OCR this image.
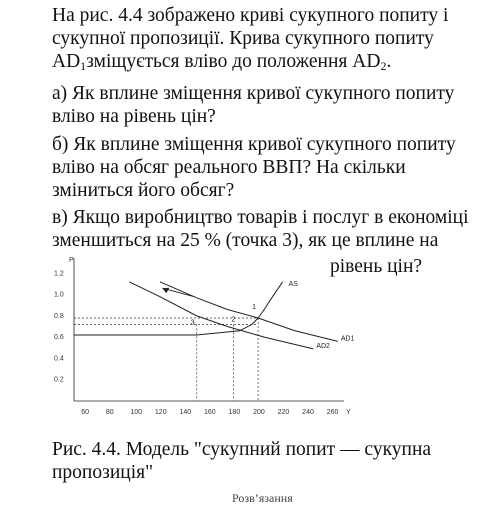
На рис. 4.4 зображено криві сукупного попиту і

сукупної пропозиції. Крива сукупного попиту

AD1зміщується вліво до положення AD2.

а) Як вплине зміщення кривої сукупного попиту

вліво на рівень цін?

б) Як вплине зміщення кривої сукупного попиту

вліво на обсяг реального ВВП? На скільки

зміниться його обсяг?

в) Якщо виробництво товарів і послуг в економіці

зменшиться на 25 % (точка 3), як це вплине на

рівень цін?

P
Y
1.2
1.0
0.8
0.6
0.4
0.2
60 80 100 120 140 160 180 200 220 240 260
AS
AD1
AD2
1
2
3

Рис. 4.4. Модель "сукупний попит — сукупна

пропозиція"

Розв’язання
